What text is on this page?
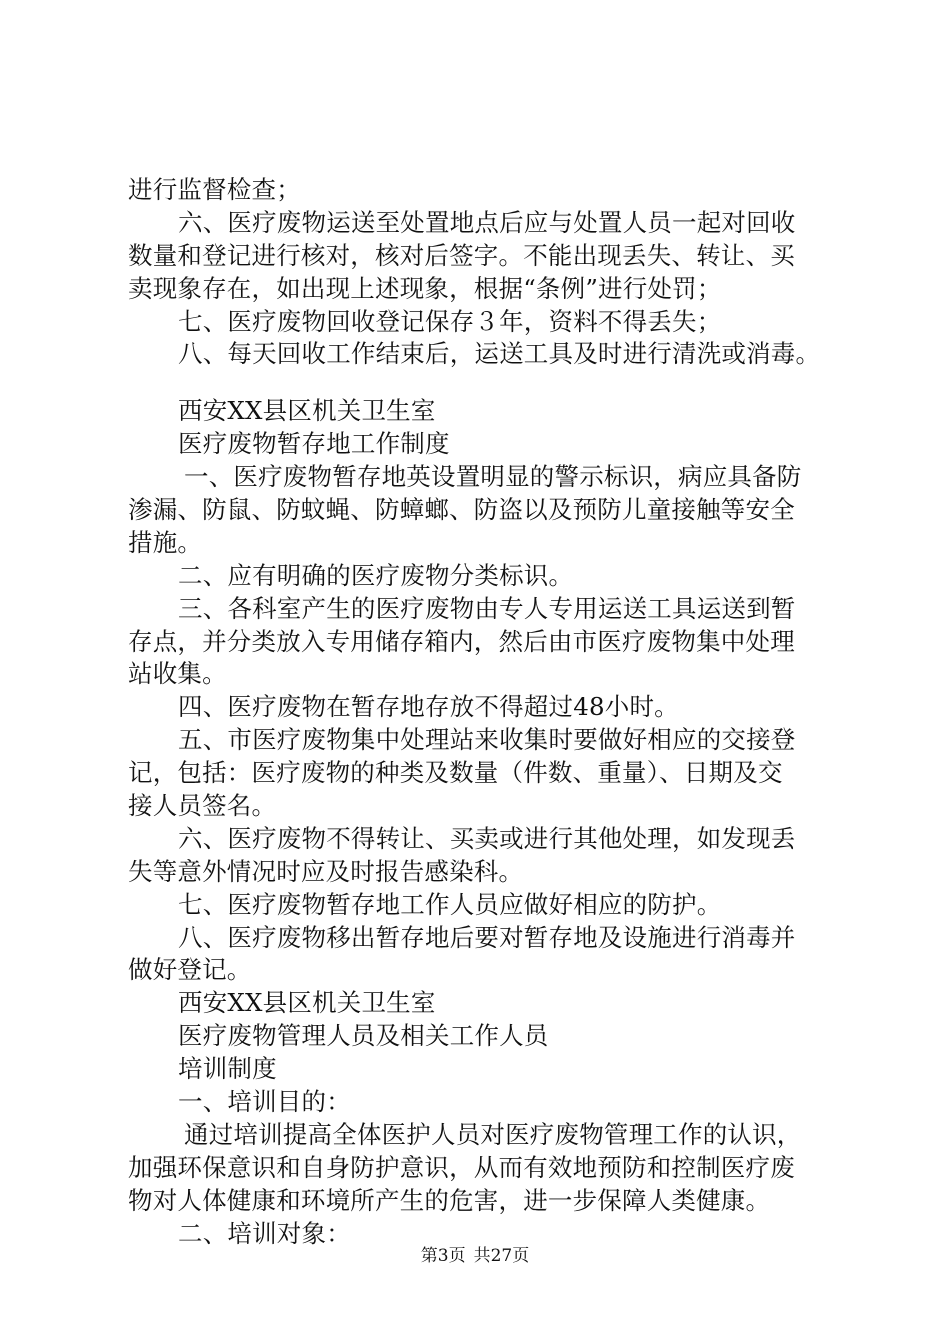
进行监督检查；
六、医疗废物运送至处置地点后应与处置人员一起对回收
数量和登记进行核对，核对后签字。不能出现丢失、转让、买
卖现象存在，如出现上述现象，根据“条例”进行处罚；
七、医疗废物回收登记保存３年，资料不得丢失；
八、每天回收工作结束后，运送工具及时进行清洗或消毒。
西安XX县区机关卫生室
医疗废物暂存地工作制度
一、医疗废物暂存地英设置明显的警示标识，病应具备防
渗漏、防鼠、防蚊蝇、防蟑螂、防盗以及预防儿童接触等安全
措施。
二、应有明确的医疗废物分类标识。
三、各科室产生的医疗废物由专人专用运送工具运送到暂
存点，并分类放入专用储存箱内，然后由市医疗废物集中处理
站收集。
四、医疗废物在暂存地存放不得超过48小时。
五、市医疗废物集中处理站来收集时要做好相应的交接登
记，包括：医疗废物的种类及数量（件数、重量）、日期及交
接人员签名。
六、医疗废物不得转让、买卖或进行其他处理，如发现丢
失等意外情况时应及时报告感染科。
七、医疗废物暂存地工作人员应做好相应的防护。
八、医疗废物移出暂存地后要对暂存地及设施进行消毒并
做好登记。
西安XX县区机关卫生室
医疗废物管理人员及相关工作人员
培训制度
一、培训目的：
通过培训提高全体医护人员对医疗废物管理工作的认识，
加强环保意识和自身防护意识，从而有效地预防和控制医疗废
物对人体健康和环境所产生的危害，进一步保障人类健康。
二、培训对象：
第3页 共27页
